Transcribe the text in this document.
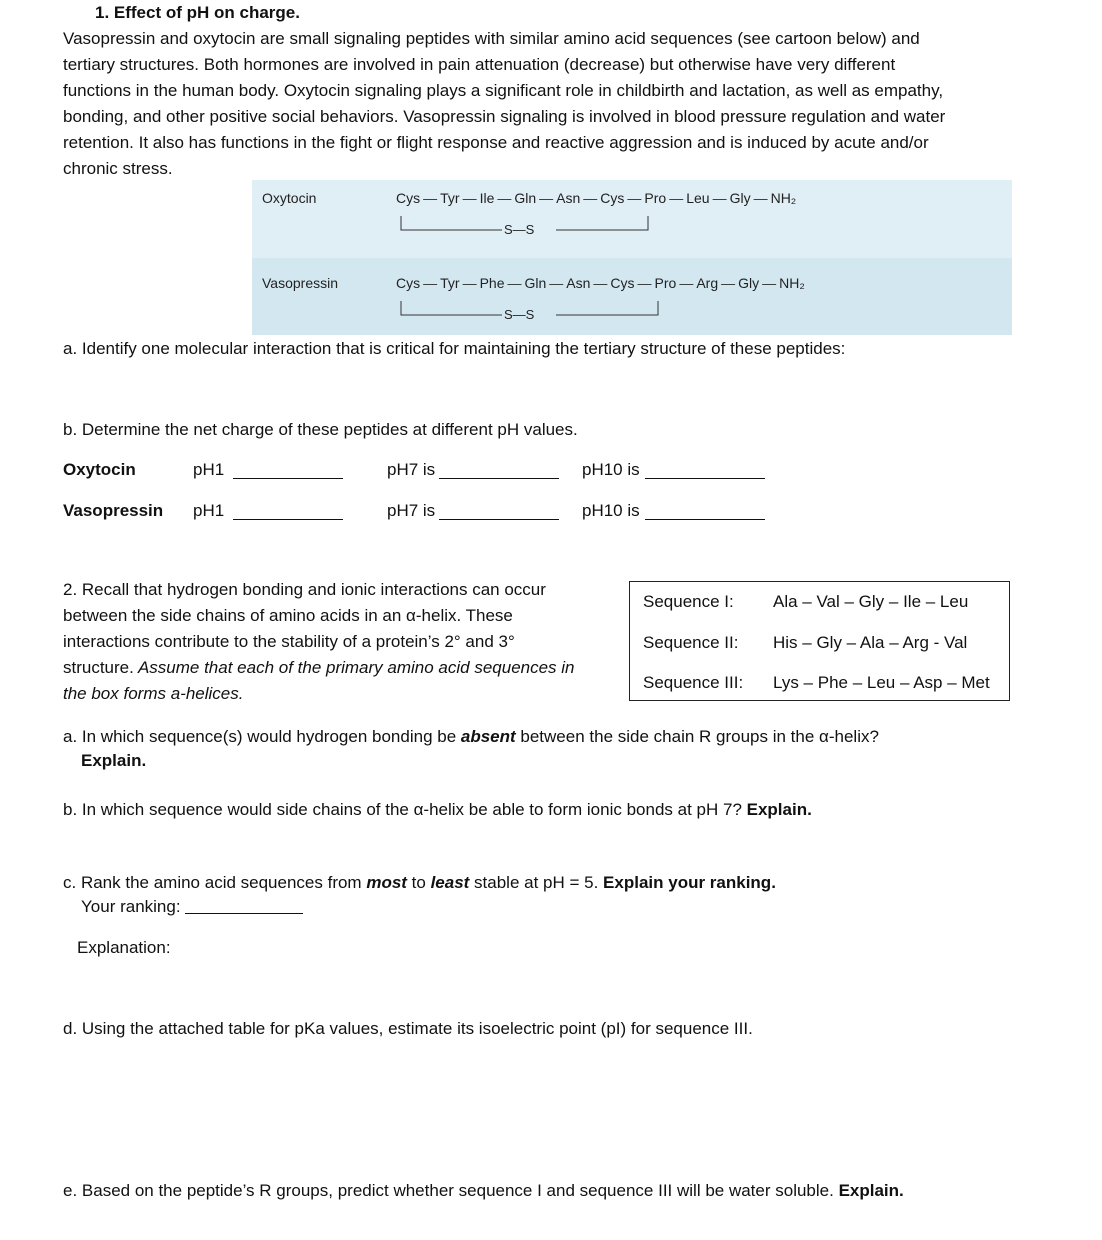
1. Effect of pH on charge.
Vasopressin and oxytocin are small signaling peptides with similar amino acid sequences (see cartoon below) and
tertiary structures. Both hormones are involved in pain attenuation (decrease) but otherwise have very different
functions in the human body. Oxytocin signaling plays a significant role in childbirth and lactation, as well as empathy,
bonding, and other positive social behaviors. Vasopressin signaling is involved in blood pressure regulation and water
retention. It also has functions in the fight or flight response and reactive aggression and is induced by acute and/or
chronic stress.
Oxytocin	Cys — Tyr — Ile — Gln — Asn — Cys — Pro — Leu — Gly — NH₂
S—S
Vasopressin	Cys — Tyr — Phe — Gln — Asn — Cys — Pro — Arg — Gly — NH₂
S—S
a. Identify one molecular interaction that is critical for maintaining the tertiary structure of these peptides:
b. Determine the net charge of these peptides at different pH values.
Oxytocin	pH1	pH7 is	pH10 is
Vasopressin pH1	pH7 is	pH10 is
2. Recall that hydrogen bonding and ionic interactions can occur
between the side chains of amino acids in an α-helix. These
interactions contribute to the stability of a protein’s 2° and 3°
structure. Assume that each of the primary amino acid sequences in
the box forms a-helices.
Sequence I: Ala – Val – Gly – Ile – Leu
Sequence II: His – Gly – Ala – Arg - Val
Sequence III: Lys – Phe – Leu – Asp – Met
a. In which sequence(s) would hydrogen bonding be absent between the side chain R groups in the α-helix?
Explain.
b. In which sequence would side chains of the α-helix be able to form ionic bonds at pH 7? Explain.
c. Rank the amino acid sequences from most to least stable at pH = 5. Explain your ranking.
Your ranking:
Explanation:
d. Using the attached table for pKa values, estimate its isoelectric point (pI) for sequence III.
e. Based on the peptide’s R groups, predict whether sequence I and sequence III will be water soluble. Explain.
